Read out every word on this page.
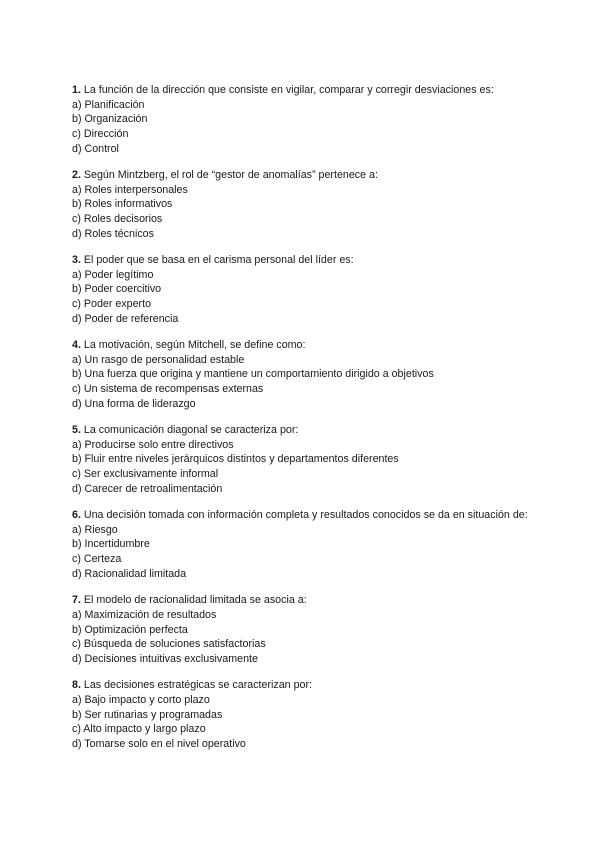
1. La función de la dirección que consiste en vigilar, comparar y corregir desviaciones es:

a) Planificación

b) Organización

c) Dirección

d) Control

2. Según Mintzberg, el rol de “gestor de anomalías” pertenece a:

a) Roles interpersonales

b) Roles informativos

c) Roles decisorios

d) Roles técnicos

3. El poder que se basa en el carisma personal del líder es:

a) Poder legítimo

b) Poder coercitivo

c) Poder experto

d) Poder de referencia

4. La motivación, según Mitchell, se define como:

a) Un rasgo de personalidad estable

b) Una fuerza que origina y mantiene un comportamiento dirigido a objetivos

c) Un sistema de recompensas externas

d) Una forma de liderazgo

5. La comunicación diagonal se caracteriza por:

a) Producirse solo entre directivos

b) Fluir entre niveles jerárquicos distintos y departamentos diferentes

c) Ser exclusivamente informal

d) Carecer de retroalimentación

6. Una decisión tomada con información completa y resultados conocidos se da en situación de:

a) Riesgo

b) Incertidumbre

c) Certeza

d) Racionalidad limitada

7. El modelo de racionalidad limitada se asocia a:

a) Maximización de resultados

b) Optimización perfecta

c) Búsqueda de soluciones satisfactorias

d) Decisiones intuitivas exclusivamente

8. Las decisiones estratégicas se caracterizan por:

a) Bajo impacto y corto plazo

b) Ser rutinarias y programadas

c) Alto impacto y largo plazo

d) Tomarse solo en el nivel operativo
